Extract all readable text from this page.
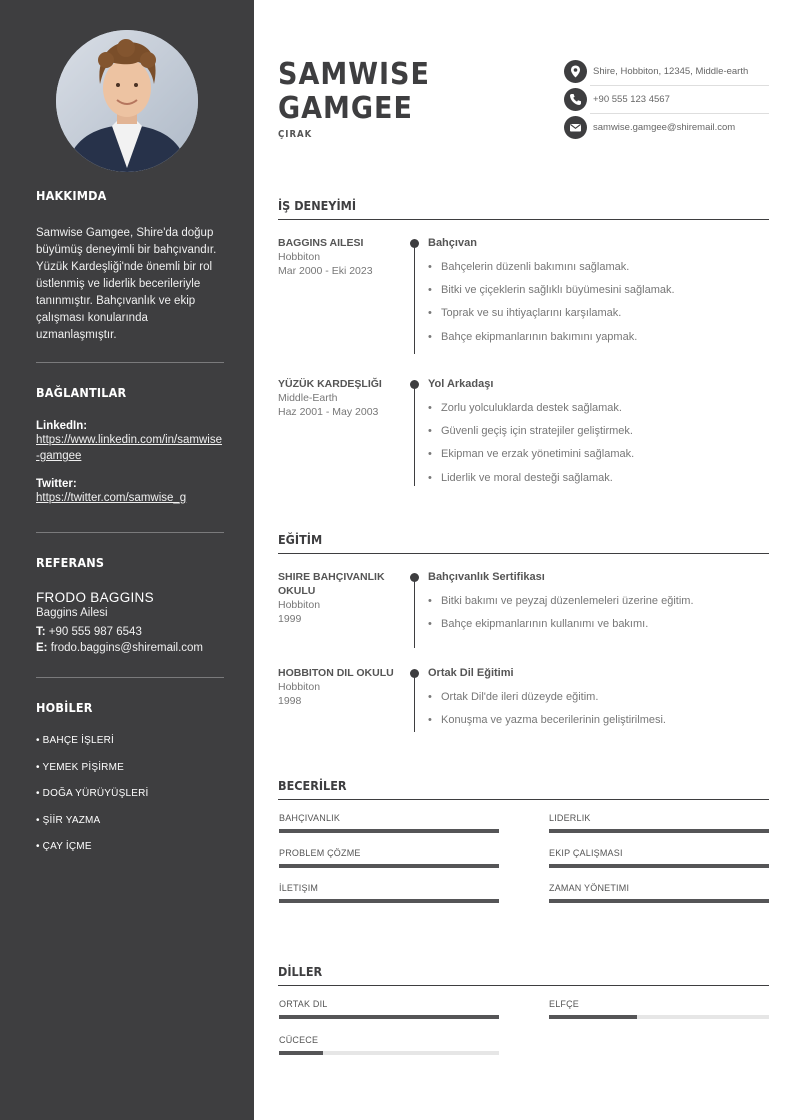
HAKKIMDA
Samwise Gamgee, Shire'da doğup büyümüş deneyimli bir bahçıvandır. Yüzük Kardeşliği'nde önemli bir rol üstlenmiş ve liderlik becerileriyle tanınmıştır. Bahçıvanlık ve ekip çalışması konularında uzmanlaşmıştır.
BAĞLANTILAR
LinkedIn:
https://www.linkedin.com/in/samwise-gamgee
Twitter:
https://twitter.com/samwise_g
REFERANS
FRODO BAGGINS
Baggins Ailesi
T: +90 555 987 6543
E: frodo.baggins@shiremail.com
HOBİLER
• BAHÇE İŞLERİ
• YEMEK PİŞİRME
• DOĞA YÜRÜYÜŞLERİ
• ŞİİR YAZMA
• ÇAY İÇME
SAMWISE
GAMGEE
ÇIRAK
Shire, Hobbiton, 12345, Middle-earth
+90 555 123 4567
samwise.gamgee@shiremail.com
İŞ DENEYİMİ
BAGGINS AILESI
Hobbiton
Mar 2000 - Eki 2023
Bahçıvan
• Bahçelerin düzenli bakımını sağlamak.
• Bitki ve çiçeklerin sağlıklı büyümesini sağlamak.
• Toprak ve su ihtiyaçlarını karşılamak.
• Bahçe ekipmanlarının bakımını yapmak.
YÜZÜK KARDEŞLIĞI
Middle-Earth
Haz 2001 - May 2003
Yol Arkadaşı
• Zorlu yolculuklarda destek sağlamak.
• Güvenli geçiş için stratejiler geliştirmek.
• Ekipman ve erzak yönetimini sağlamak.
• Liderlik ve moral desteği sağlamak.
EĞİTİM
SHIRE BAHÇIVANLIK OKULU
Hobbiton
1999
Bahçıvanlık Sertifikası
• Bitki bakımı ve peyzaj düzenlemeleri üzerine eğitim.
• Bahçe ekipmanlarının kullanımı ve bakımı.
HOBBITON DIL OKULU
Hobbiton
1998
Ortak Dil Eğitimi
• Ortak Dil'de ileri düzeyde eğitim.
• Konuşma ve yazma becerilerinin geliştirilmesi.
BECERİLER
BAHÇIVANLIK	LIDERLIK
PROBLEM ÇÖZME	EKIP ÇALIŞMASI
İLETIŞIM	ZAMAN YÖNETIMI
DİLLER
ORTAK DIL	ELFÇE
CÜCECE
